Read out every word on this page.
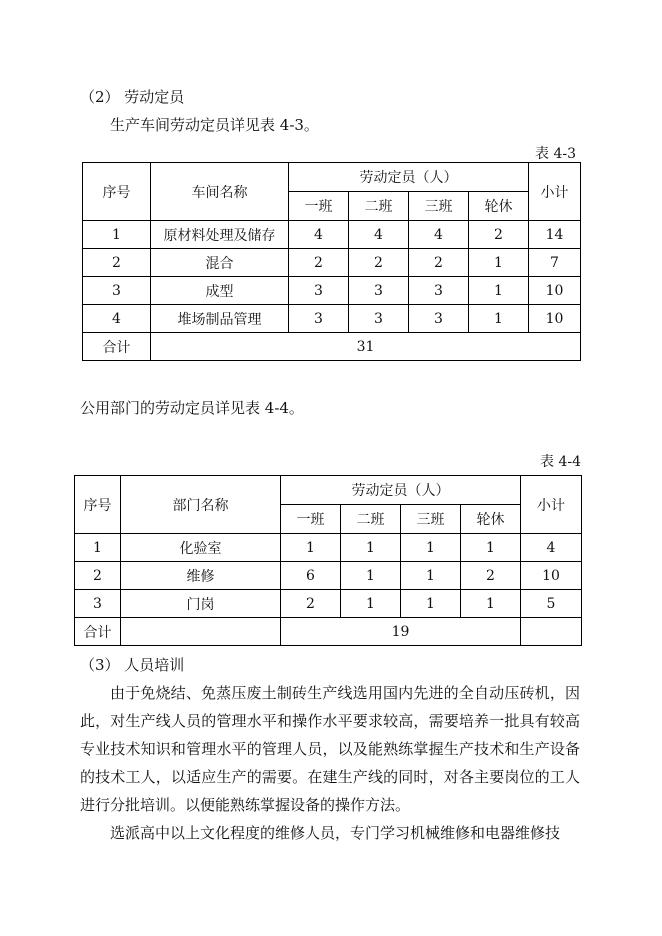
（2） 劳动定员
生产车间劳动定员详见表 4-3。
表 4-3
序号	车间名称	劳动定员（人）				小计
		一班	二班	三班	轮休	
1	原材料处理及储存	4	4	4	2	14
2	混合	2	2	2	1	7
3	成型	3	3	3	1	10
4	堆场制品管理	3	3	3	1	10
合计	31					
公用部门的劳动定员详见表 4-4。
表 4-4
序号	部门名称	劳动定员（人）				小计
		一班	二班	三班	轮休	
1	化验室	1	1	1	1	4
2	维修	6	1	1	2	10
3	门岗	2	1	1	1	5
合计		19				
（3） 人员培训
由于免烧结、免蒸压废土制砖生产线选用国内先进的全自动压砖机，因此，对生产线人员的管理水平和操作水平要求较高，需要培养一批具有较高专业技术知识和管理水平的管理人员，以及能熟练掌握生产技术和生产设备的技术工人，以适应生产的需要。在建生产线的同时，对各主要岗位的工人进行分批培训。以便能熟练掌握设备的操作方法。
选派高中以上文化程度的维修人员，专门学习机械维修和电器维修技
